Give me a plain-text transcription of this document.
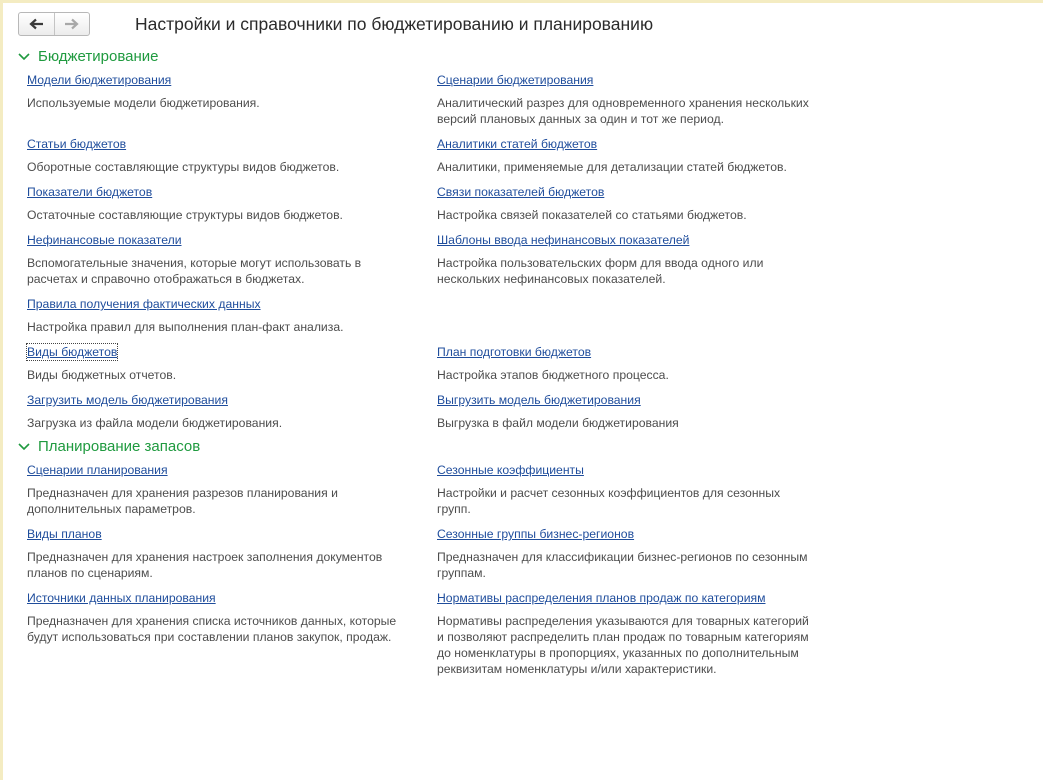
Настройки и справочники по бюджетированию и планированию
Бюджетирование
Модели бюджетирования
Используемые модели бюджетирования.
Сценарии бюджетирования
Аналитический разрез для одновременного хранения нескольких
версий плановых данных за один и тот же период.
Статьи бюджетов
Оборотные составляющие структуры видов бюджетов.
Аналитики статей бюджетов
Аналитики, применяемые для детализации статей бюджетов.
Показатели бюджетов
Остаточные составляющие структуры видов бюджетов.
Связи показателей бюджетов
Настройка связей показателей со статьями бюджетов.
Нефинансовые показатели
Вспомогательные значения, которые могут использовать в
расчетах и справочно отображаться в бюджетах.
Шаблоны ввода нефинансовых показателей
Настройка пользовательских форм для ввода одного или
нескольких нефинансовых показателей.
Правила получения фактических данных
Настройка правил для выполнения план-факт анализа.
Виды бюджетов
Виды бюджетных отчетов.
План подготовки бюджетов
Настройка этапов бюджетного процесса.
Загрузить модель бюджетирования
Загрузка из файла модели бюджетирования.
Выгрузить модель бюджетирования
Выгрузка в файл модели бюджетирования
Планирование запасов
Сценарии планирования
Предназначен для хранения разрезов планирования и
дополнительных параметров.
Сезонные коэффициенты
Настройки и расчет сезонных коэффициентов для сезонных
групп.
Виды планов
Предназначен для хранения настроек заполнения документов
планов по сценариям.
Сезонные группы бизнес-регионов
Предназначен для классификации бизнес-регионов по сезонным
группам.
Источники данных планирования
Предназначен для хранения списка источников данных, которые
будут использоваться при составлении планов закупок, продаж.
Нормативы распределения планов продаж по категориям
Нормативы распределения указываются для товарных категорий
и позволяют распределить план продаж по товарным категориям
до номенклатуры в пропорциях, указанных по дополнительным
реквизитам номенклатуры и/или характеристики.
